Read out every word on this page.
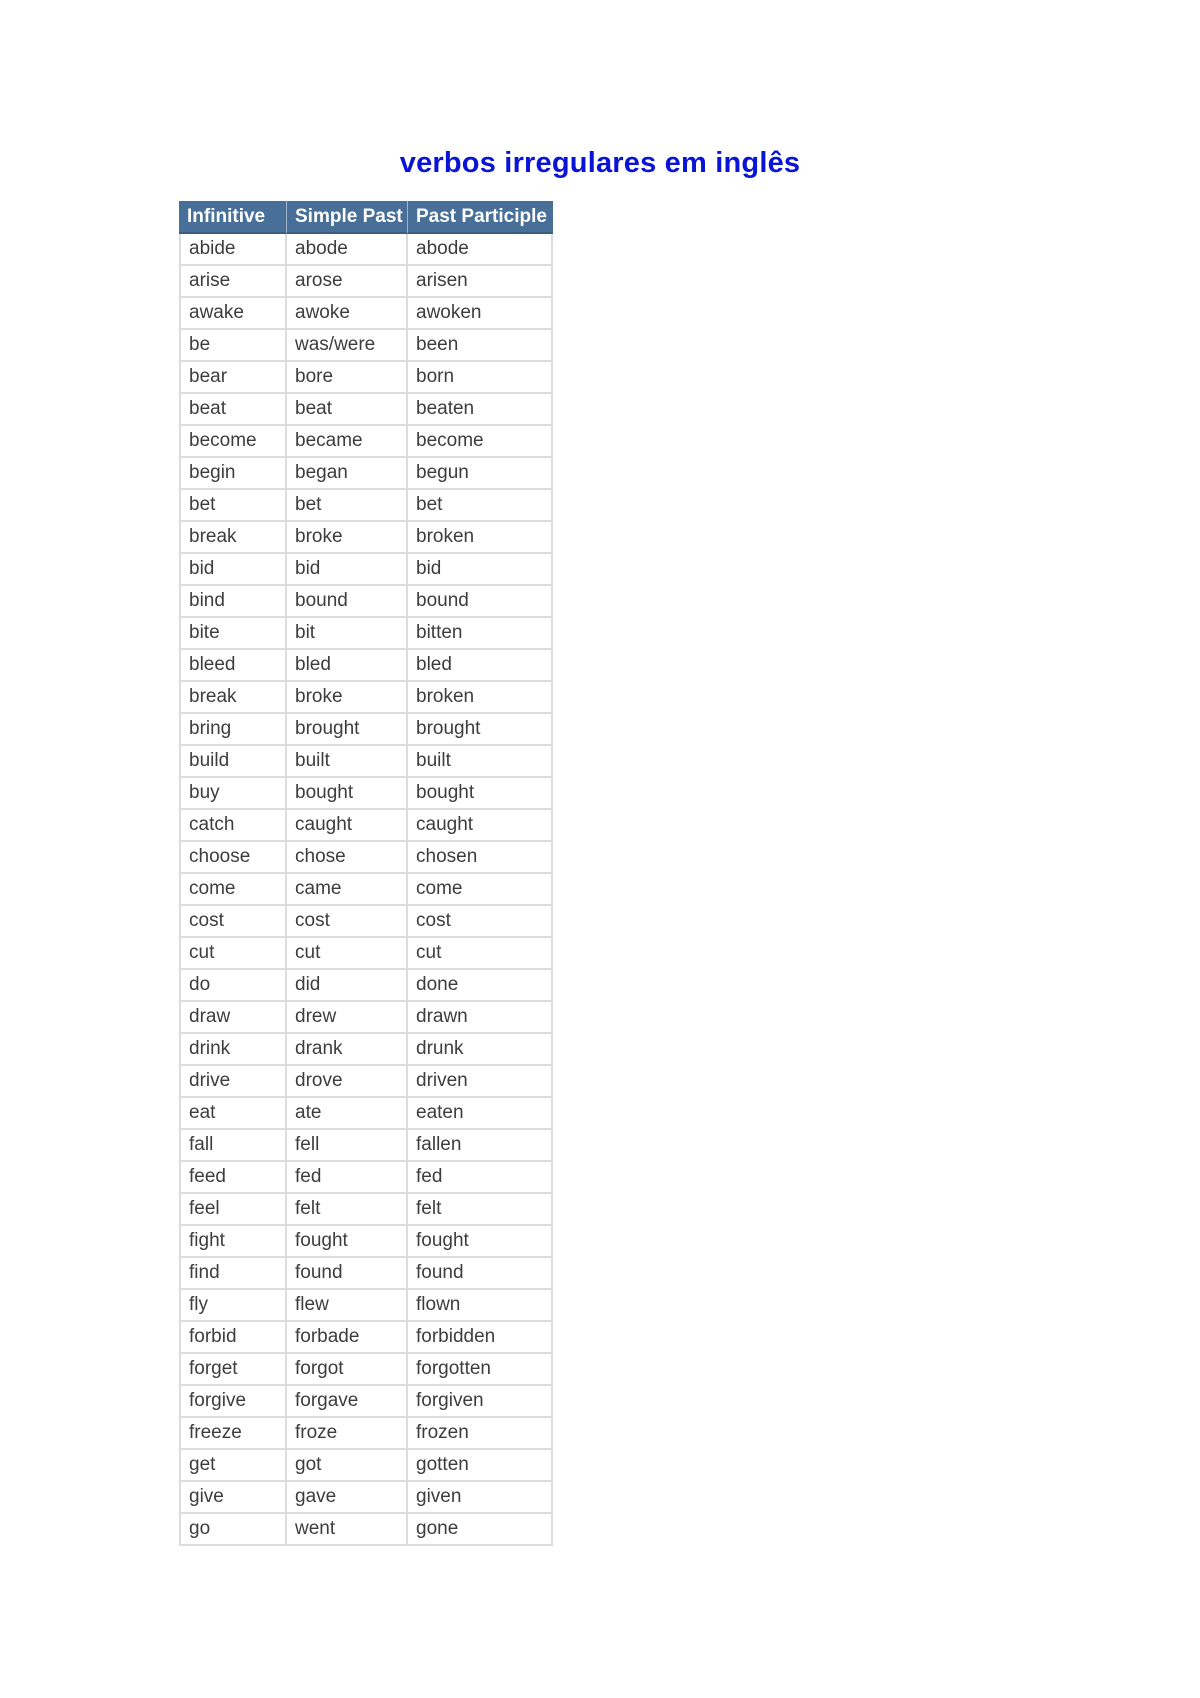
verbos irregulares em inglês
Infinitive	Simple Past	Past Participle
abide	abode	abode
arise	arose	arisen
awake	awoke	awoken
be	was/were	been
bear	bore	born
beat	beat	beaten
become	became	become
begin	began	begun
bet	bet	bet
break	broke	broken
bid	bid	bid
bind	bound	bound
bite	bit	bitten
bleed	bled	bled
break	broke	broken
bring	brought	brought
build	built	built
buy	bought	bought
catch	caught	caught
choose	chose	chosen
come	came	come
cost	cost	cost
cut	cut	cut
do	did	done
draw	drew	drawn
drink	drank	drunk
drive	drove	driven
eat	ate	eaten
fall	fell	fallen
feed	fed	fed
feel	felt	felt
fight	fought	fought
find	found	found
fly	flew	flown
forbid	forbade	forbidden
forget	forgot	forgotten
forgive	forgave	forgiven
freeze	froze	frozen
get	got	gotten
give	gave	given
go	went	gone
